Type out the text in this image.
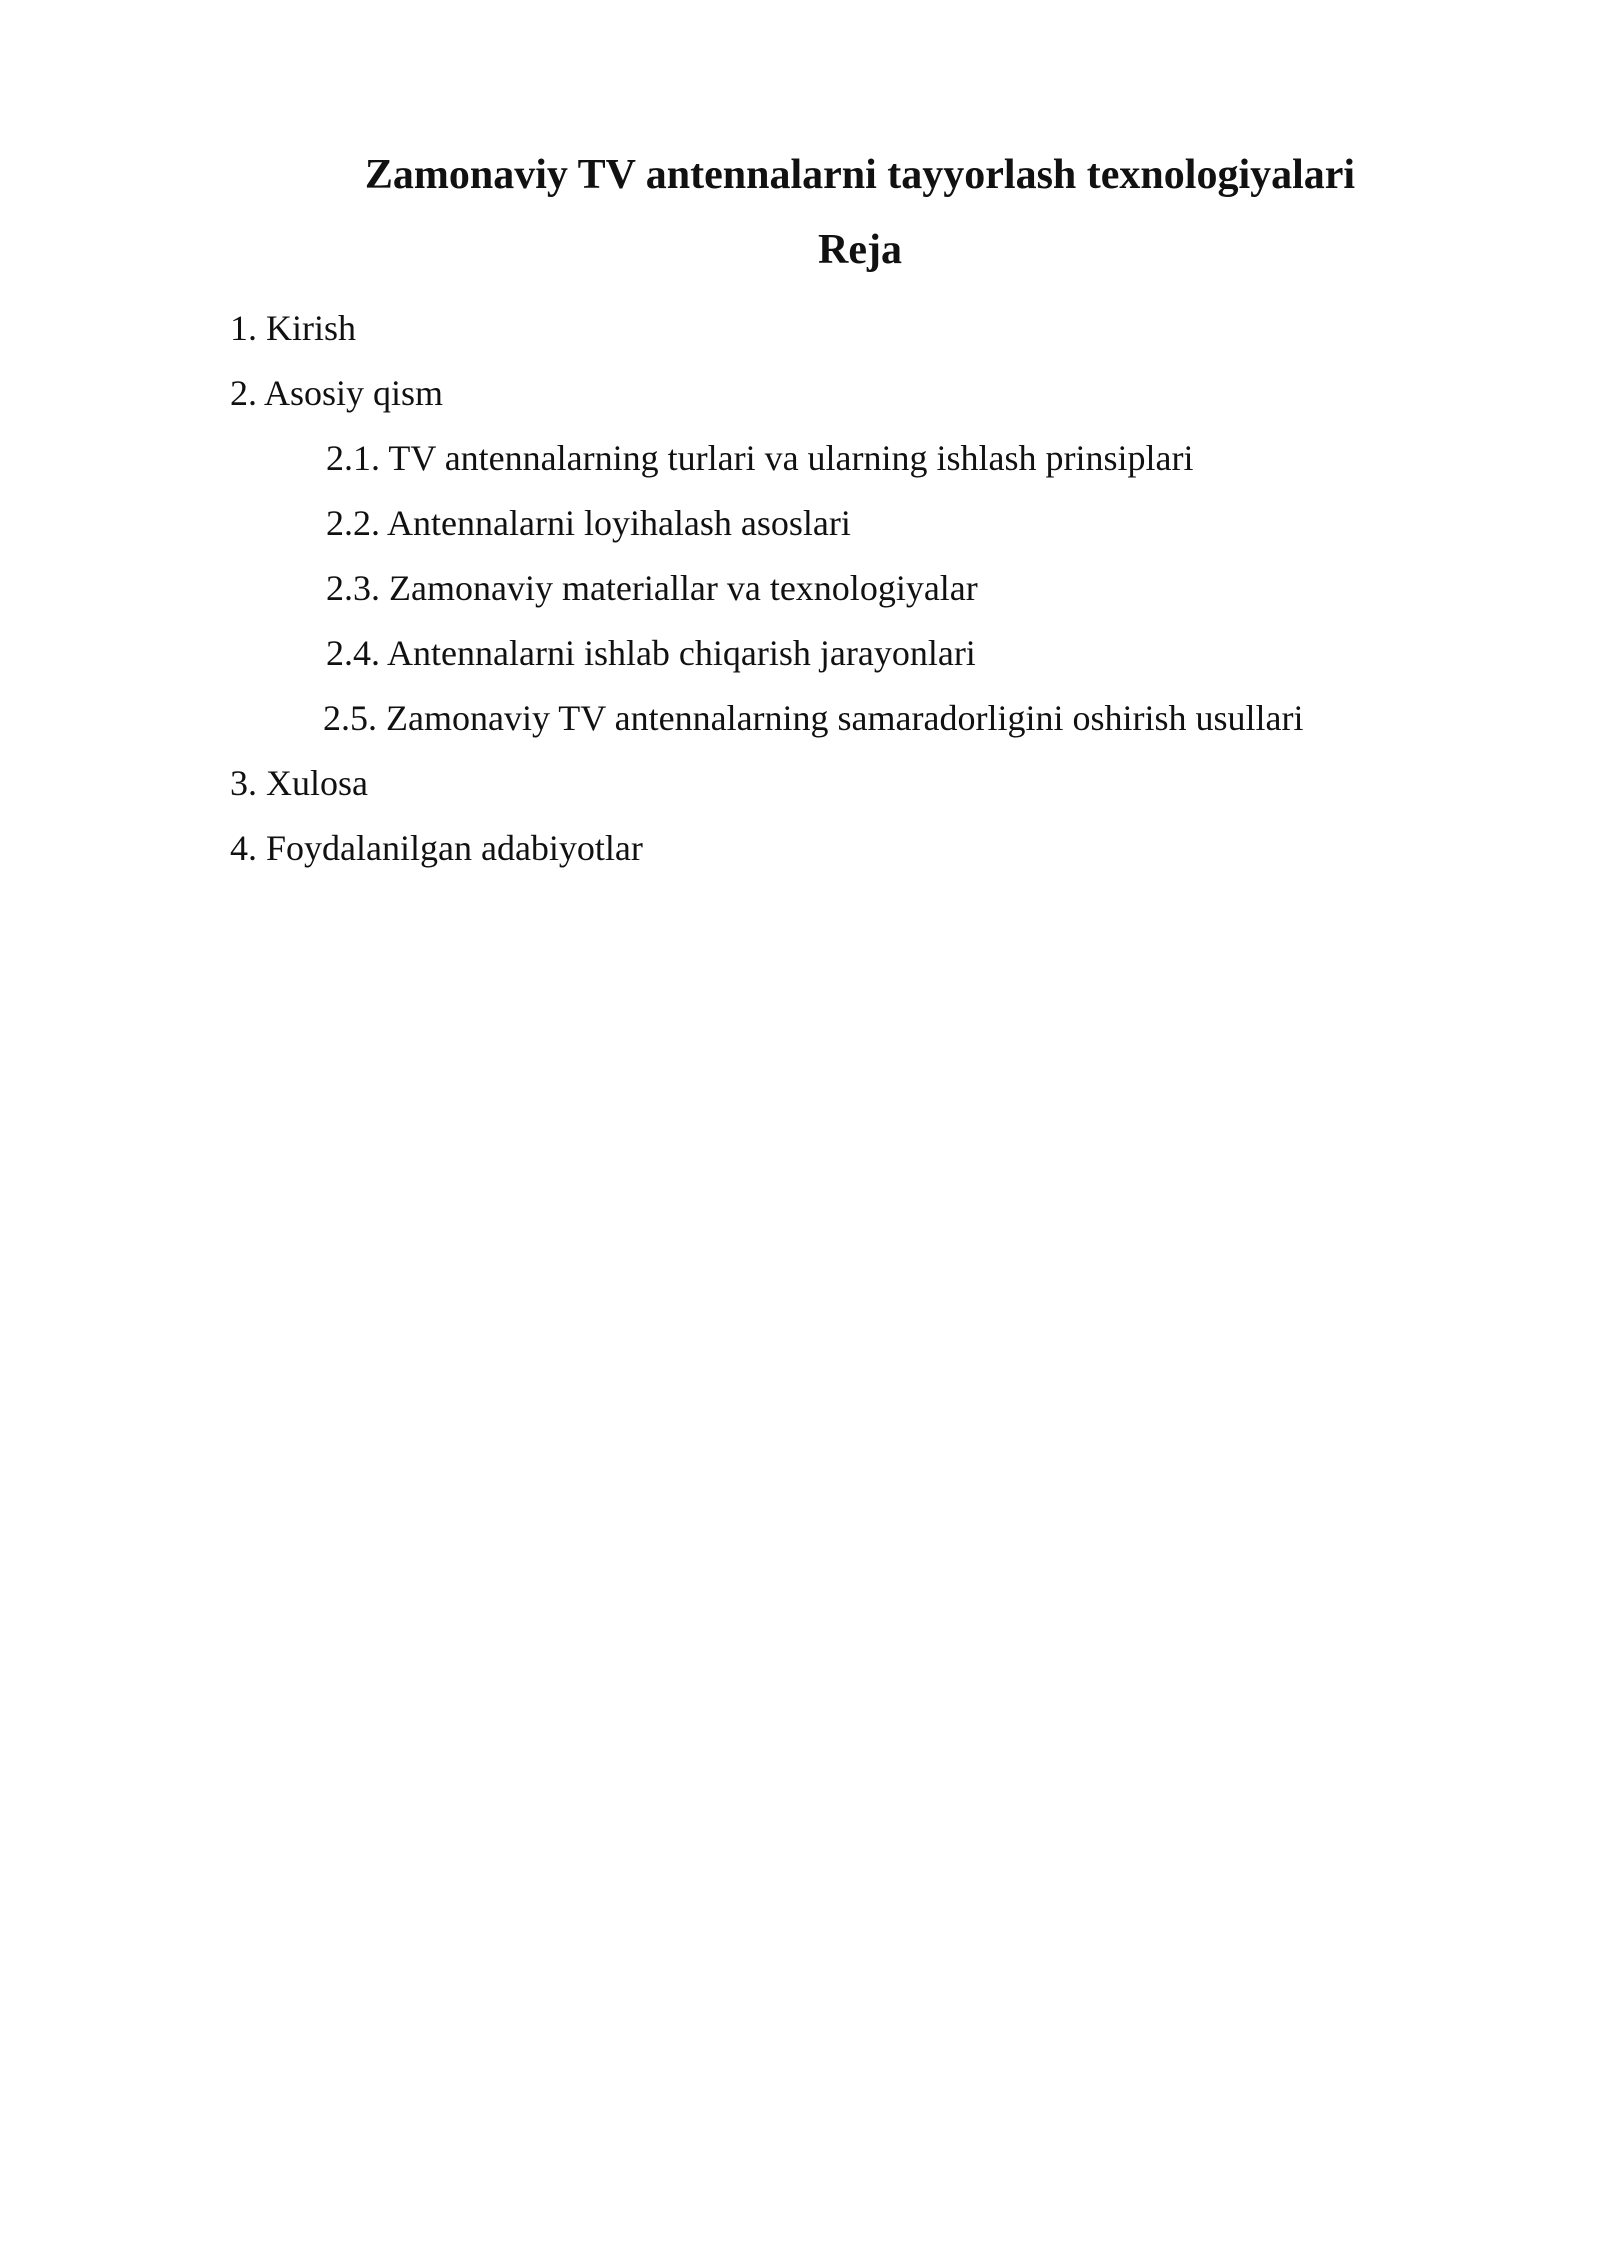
Zamonaviy TV antennalarni tayyorlash texnologiyalari
Reja
1. Kirish
2. Asosiy qism
2.1. TV antennalarning turlari va ularning ishlash prinsiplari
2.2. Antennalarni loyihalash asoslari
2.3. Zamonaviy materiallar va texnologiyalar
2.4. Antennalarni ishlab chiqarish jarayonlari
2.5. Zamonaviy TV antennalarning samaradorligini oshirish usullari
3. Xulosa
4. Foydalanilgan adabiyotlar
